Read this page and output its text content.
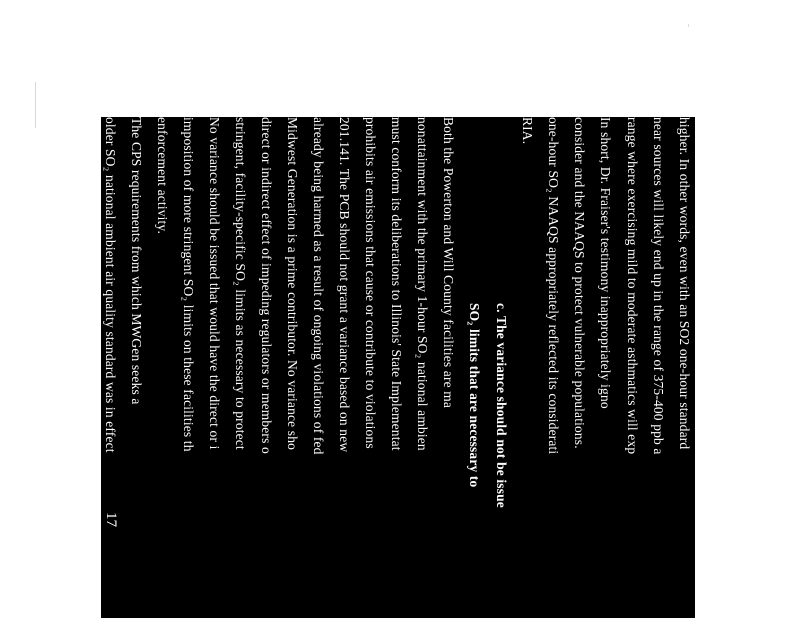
higher. In other words, even with an SO2 one-hour standard
near sources will likely end up in the range of 375-400 ppb a
range where exercising mild to moderate asthmatics will exp
In short, Dr. Fraiser's testimony inappropriately igno
consider and the NAAQS to protect vulnerable populations.
one-hour SO₂ NAAQS appropriately reflected its considerati
RIA.
c. The variance should not be issue
SO₂ limits that are necessary to
Both the Powerton and Will County facilities are ma
nonattainment with the primary 1-hour SO₂ national ambien
must conform its deliberations to Illinois' State Implementat
prohibits air emissions that cause or contribute to violations
201.141. The PCB should not grant a variance based on new
already being harmed as a result of ongoing violations of fed
Midwest Generation is a prime contributor. No variance sho
direct or indirect effect of impeding regulators or members o
stringent, facility-specific SO₂ limits as necessary to protect
No variance should be issued that would have the direct or i
imposition of more stringent SO₂ limits on these facilities th
enforcement activity.
The CPS requirements from which MWGen seeks a
older SO₂ national ambient air quality standard was in effect
17
